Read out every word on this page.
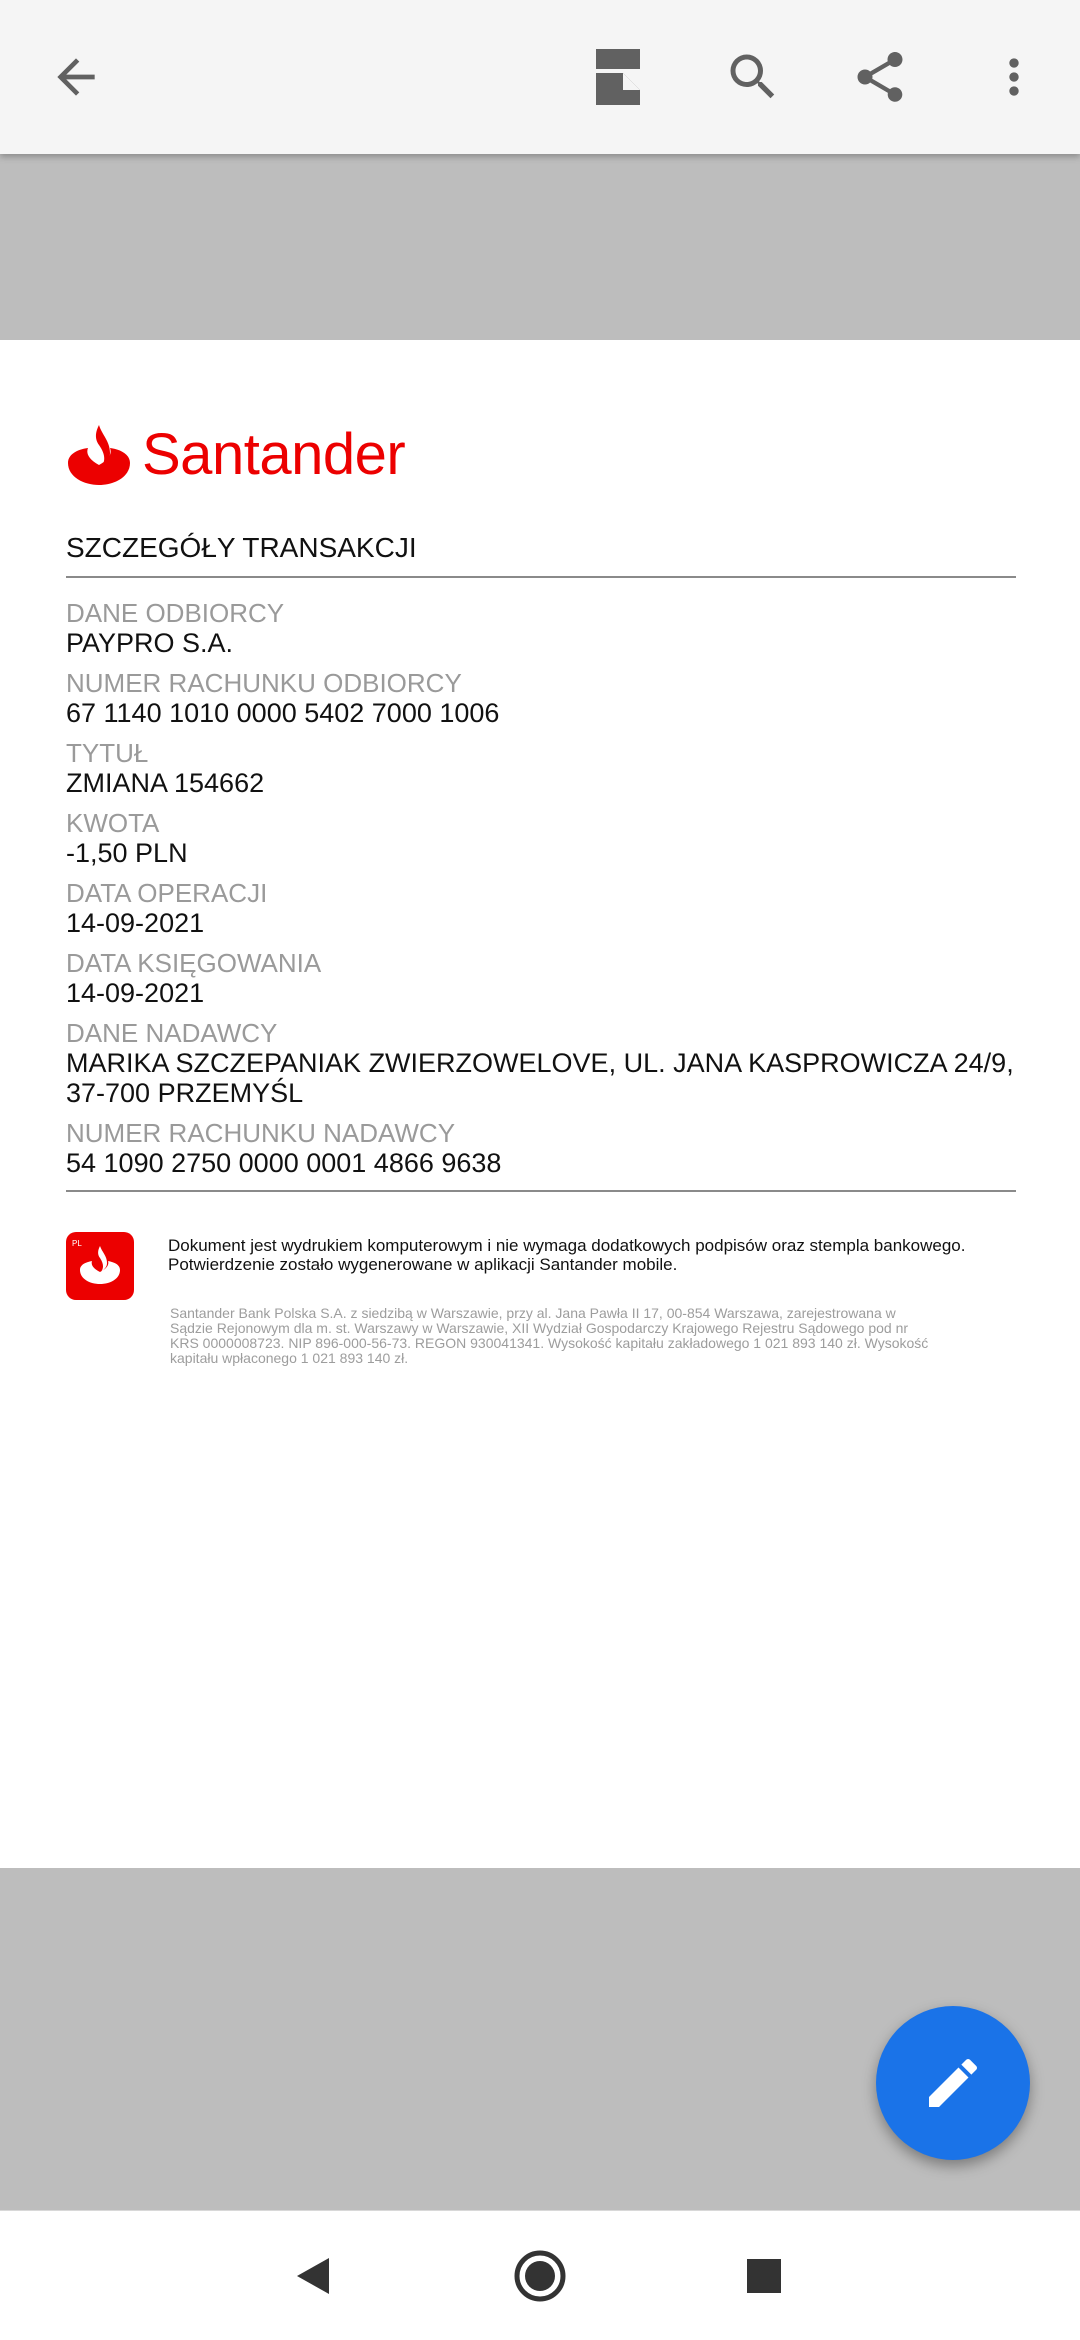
Santander
SZCZEGÓŁY TRANSAKCJI
DANE ODBIORCY
PAYPRO S.A.
NUMER RACHUNKU ODBIORCY
67 1140 1010 0000 5402 7000 1006
TYTUŁ
ZMIANA 154662
KWOTA
-1,50 PLN
DATA OPERACJI
14-09-2021
DATA KSIĘGOWANIA
14-09-2021
DANE NADAWCY
MARIKA SZCZEPANIAK ZWIERZOWELOVE, UL. JANA KASPROWICZA 24/9, 37-700 PRZEMYŚL
NUMER RACHUNKU NADAWCY
54 1090 2750 0000 0001 4866 9638
PL	Dokument jest wydrukiem komputerowym i nie wymaga dodatkowych podpisów oraz stempla bankowego. Potwierdzenie zostało wygenerowane w aplikacji Santander mobile.
Santander Bank Polska S.A. z siedzibą w Warszawie, przy al. Jana Pawła II 17, 00-854 Warszawa, zarejestrowana w Sądzie Rejonowym dla m. st. Warszawy w Warszawie, XII Wydział Gospodarczy Krajowego Rejestru Sądowego pod nr KRS 0000008723. NIP 896-000-56-73. REGON 930041341. Wysokość kapitału zakładowego 1 021 893 140 zł. Wysokość kapitału wpłaconego 1 021 893 140 zł.
